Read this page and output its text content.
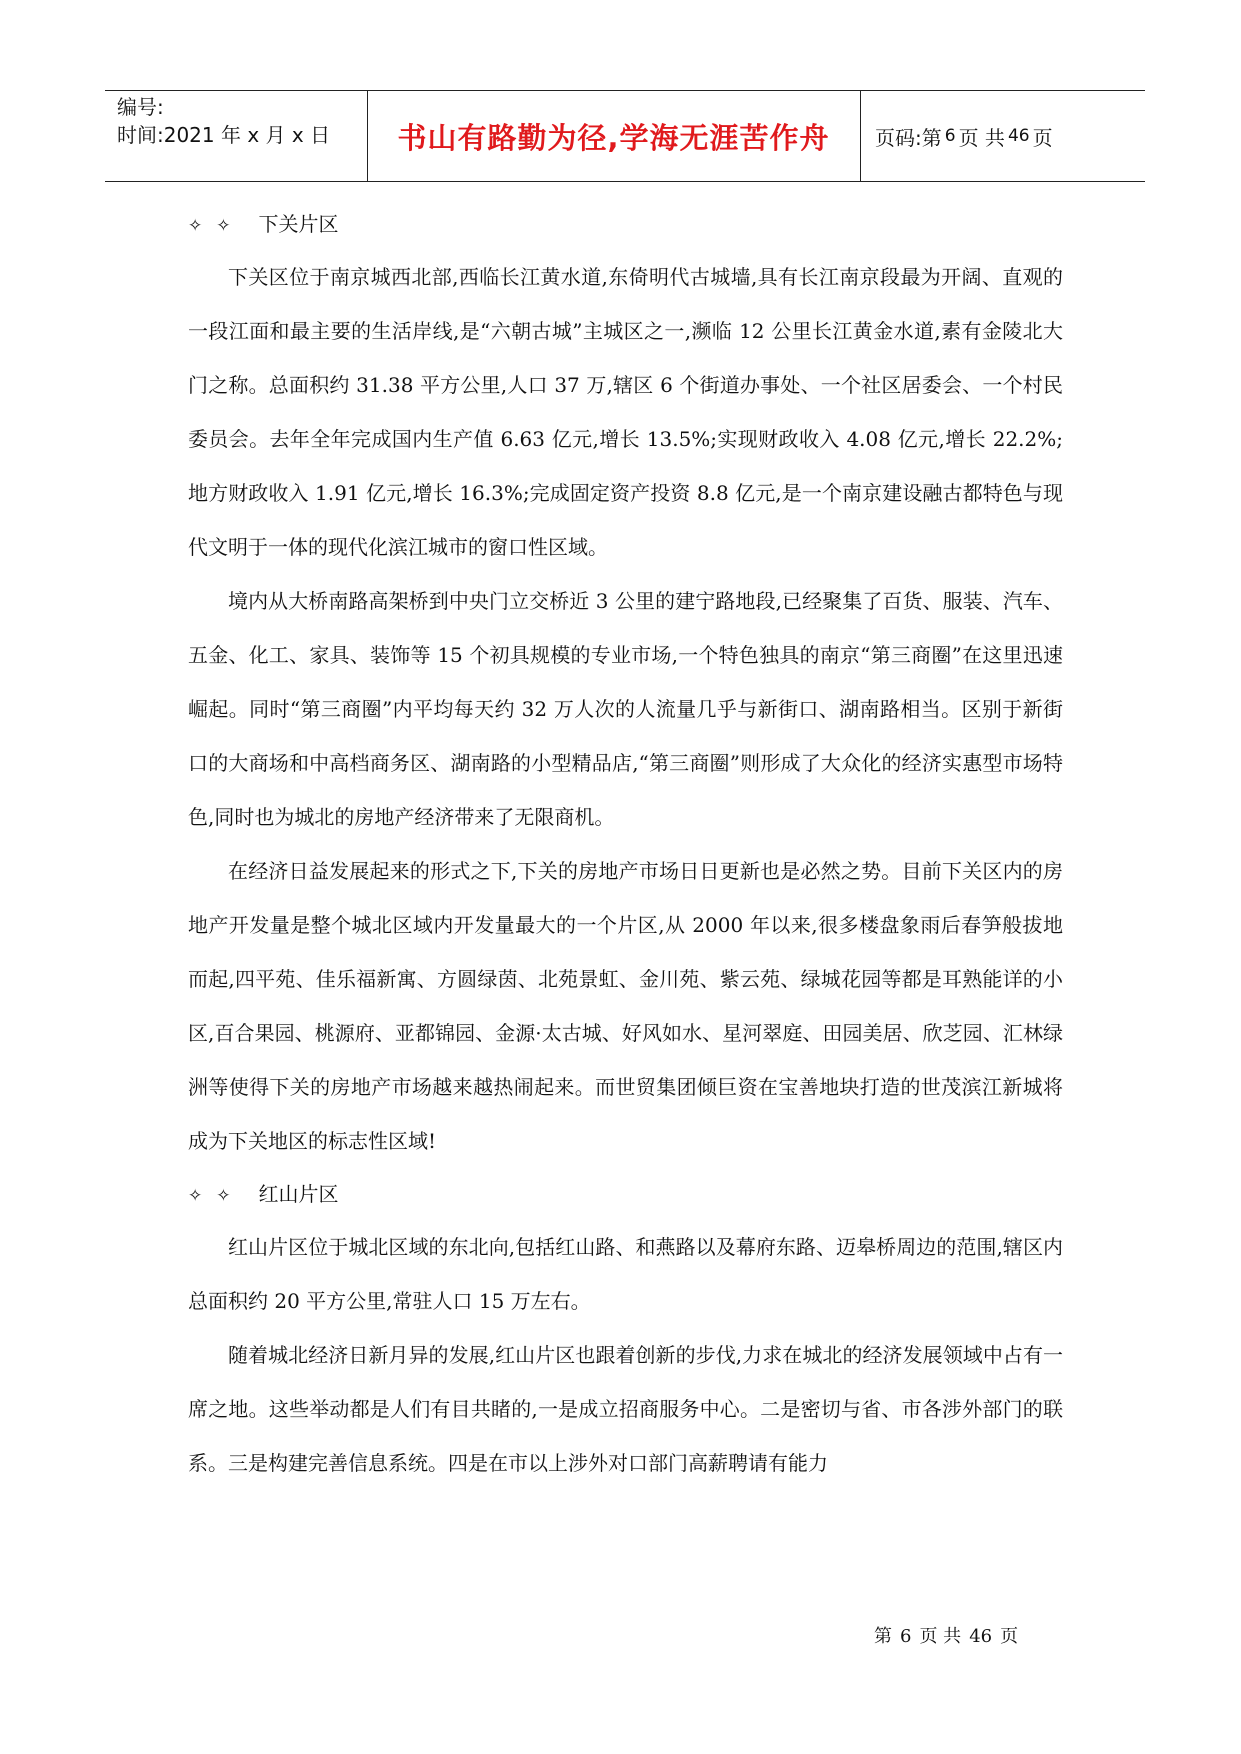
编号:
时间:2021 年 x 月 x 日	书山有路勤为径,学海无涯苦作舟 页码:第 6 页 共 46 页
✧ ✧ 下关片区

下关区位于南京城西北部,西临长江黄水道,东倚明代古城墙,具有长江南京段最为开阔、直观的一段江面和最主要的生活岸线,是“六朝古城”主城区之一,濒临 12 公里长江黄金水道,素有金陵北大门之称。总面积约 31.38 平方公里,人口 37 万,辖区 6 个街道办事处、一个社区居委会、一个村民委员会。去年全年完成国内生产值 6.63 亿元,增长 13.5%;实现财政收入 4.08 亿元,增长 22.2%;地方财政收入 1.91 亿元,增长 16.3%;完成固定资产投资 8.8 亿元,是一个南京建设融古都特色与现代文明于一体的现代化滨江城市的窗口性区域。

境内从大桥南路高架桥到中央门立交桥近 3 公里的建宁路地段,已经聚集了百货、服装、汽车、五金、化工、家具、装饰等 15 个初具规模的专业市场,一个特色独具的南京“第三商圈”在这里迅速崛起。同时“第三商圈”内平均每天约 32 万人次的人流量几乎与新街口、湖南路相当。区别于新街口的大商场和中高档商务区、湖南路的小型精品店,“第三商圈”则形成了大众化的经济实惠型市场特色,同时也为城北的房地产经济带来了无限商机。

在经济日益发展起来的形式之下,下关的房地产市场日日更新也是必然之势。目前下关区内的房地产开发量是整个城北区域内开发量最大的一个片区,从 2000 年以来,很多楼盘象雨后春笋般拔地而起,四平苑、佳乐福新寓、方圆绿茵、北苑景虹、金川苑、紫云苑、绿城花园等都是耳熟能详的小区,百合果园、桃源府、亚都锦园、金源·太古城、好风如水、星河翠庭、田园美居、欣芝园、汇林绿洲等使得下关的房地产市场越来越热闹起来。而世贸集团倾巨资在宝善地块打造的世茂滨江新城将成为下关地区的标志性区域!

✧ ✧ 红山片区

红山片区位于城北区域的东北向,包括红山路、和燕路以及幕府东路、迈皋桥周边的范围,辖区内总面积约 20 平方公里,常驻人口 15 万左右。

随着城北经济日新月异的发展,红山片区也跟着创新的步伐,力求在城北的经济发展领域中占有一席之地。这些举动都是人们有目共睹的,一是成立招商服务中心。二是密切与省、市各涉外部门的联系。三是构建完善信息系统。四是在市以上涉外对口部门高薪聘请有能力

第 6 页 共 46 页
